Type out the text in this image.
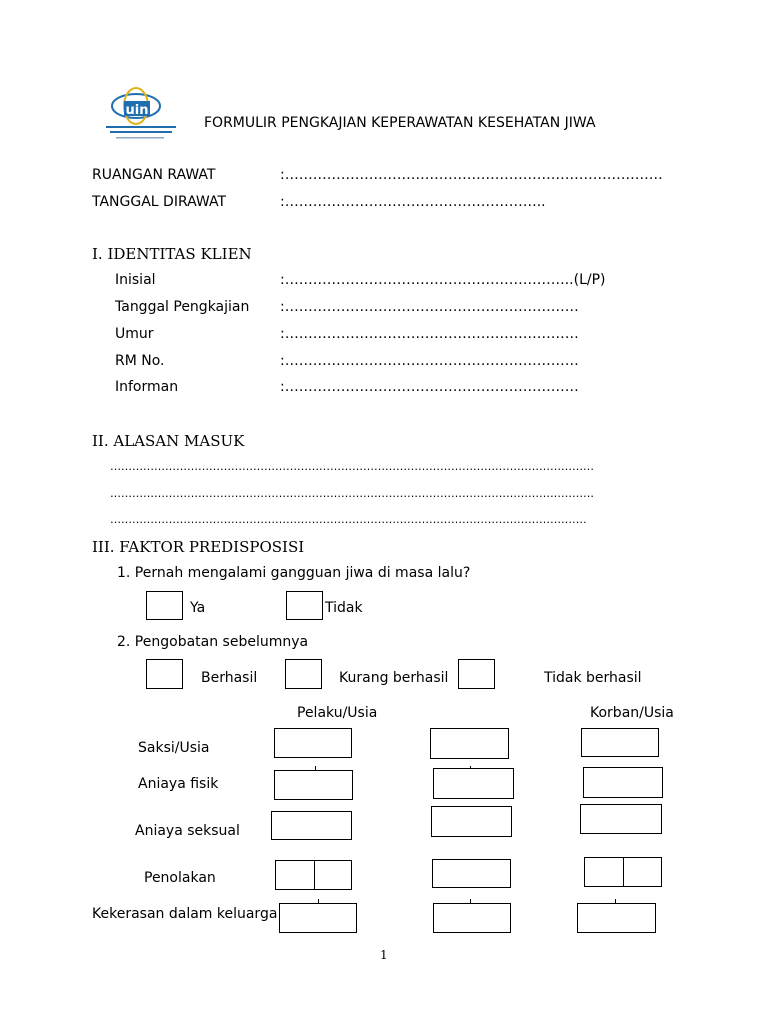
uin
FORMULIR PENGKAJIAN KEPERAWATAN KESEHATAN JIWA
RUANGAN RAWAT	:………………………………………………………………………
TANGGAL DIRAWAT	:………………………………………………..
I. IDENTITAS KLIEN
Inisial	:……………………………………………………..(L/P)
Tanggal Pengkajian :………………………………………………………
Umur	:………………………………………………………
RM No.	:………………………………………………………
Informan	:………………………………………………………
II. ALASAN MASUK
……………………………………………………………………………………………………………………
……………………………………………………………………………………………………………………
………………………………………………………………………………………………………………….
III. FAKTOR PREDISPOSISI
1. Pernah mengalami gangguan jiwa di masa lalu?
Ya	Tidak
2. Pengobatan sebelumnya
Berhasil	Kurang berhasil	Tidak berhasil
Pelaku/Usia	Korban/Usia
Saksi/Usia
Aniaya fisik
Aniaya seksual
Penolakan
Kekerasan dalam keluarga
1
